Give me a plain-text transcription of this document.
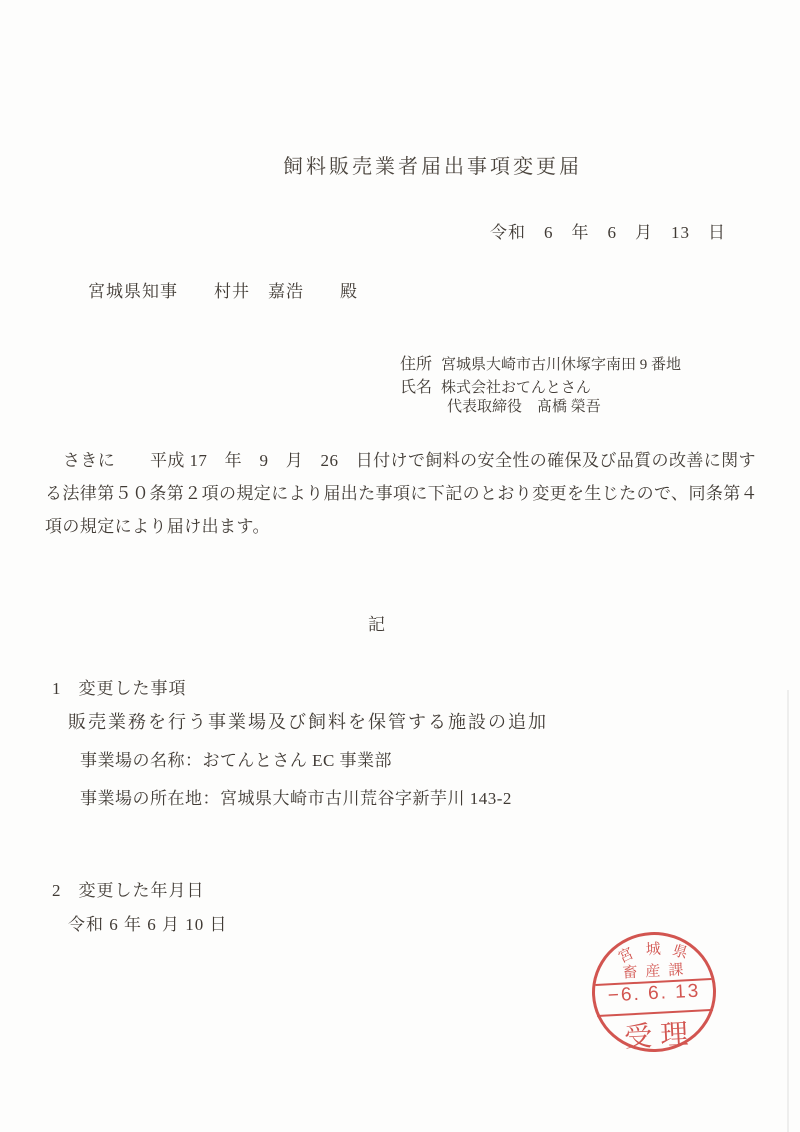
飼料販売業者届出事項変更届
令和　6　年　6　月　13　日
宮城県知事　　村井　嘉浩　　殿
住所 宮城県大崎市古川休塚字南田 9 番地
氏名 株式会社おてんとさん
代表取締役　髙橋 榮吾
さきに　　平成 17　年　9　月　26　日付けで飼料の安全性の確保及び品質の改善に関す
る法律第５０条第２項の規定により届出た事項に下記のとおり変更を生じたので、同条第４
項の規定により届け出ます。
記
1 変更した事項
販売業務を行う事業場及び飼料を保管する施設の追加
事業場の名称：おてんとさん EC 事業部
事業場の所在地：宮城県大崎市古川荒谷字新芋川 143-2
2 変更した年月日
令和 6 年 6 月 10 日
宮 城 県
畜産課
−6. 6. 13
受理
